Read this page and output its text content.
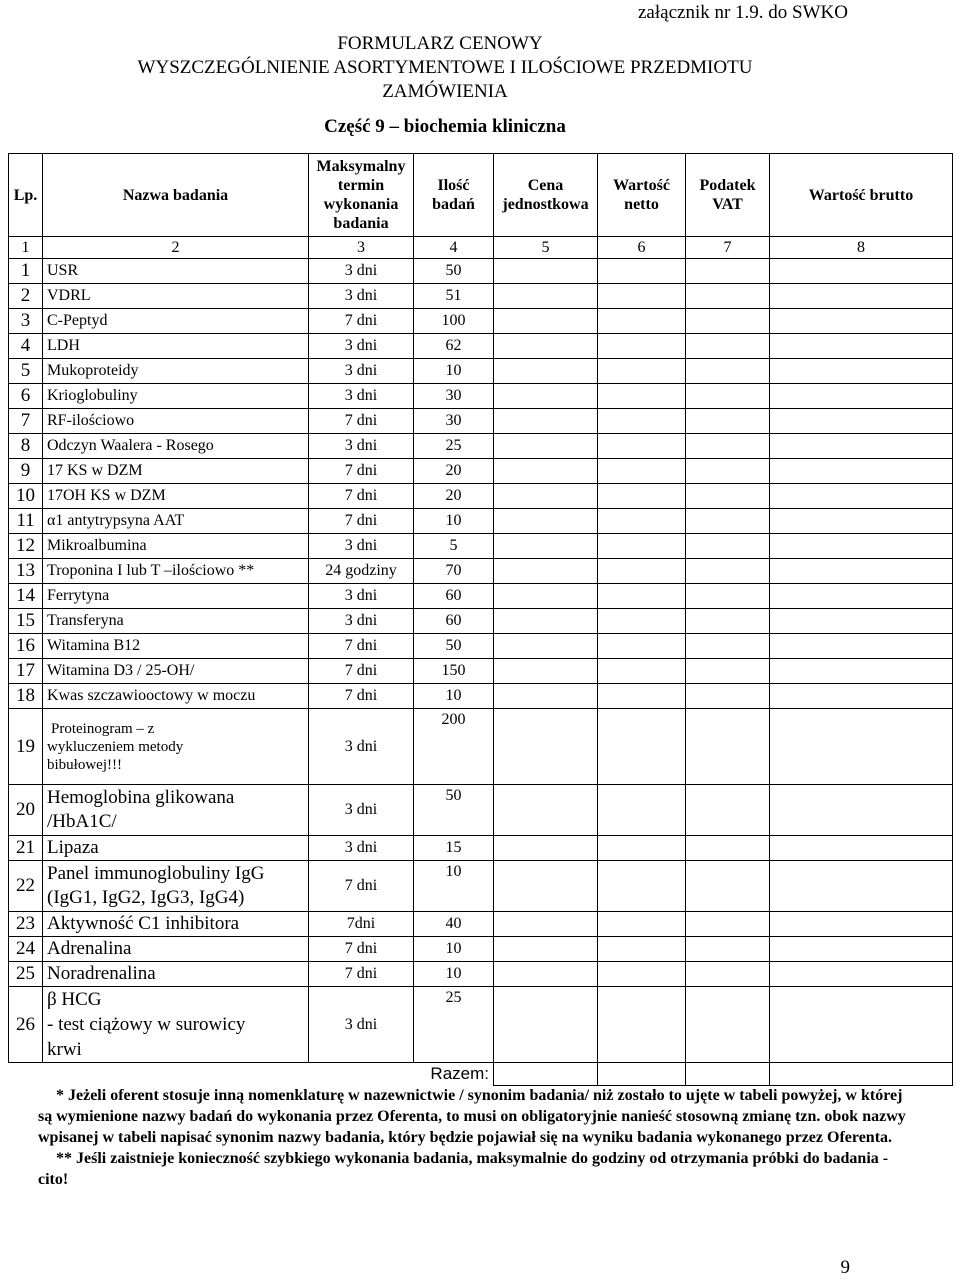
załącznik nr 1.9. do SWKO
FORMULARZ CENOWY
WYSZCZEGÓLNIENIE ASORTYMENTOWE I ILOŚCIOWE PRZEDMIOTU
ZAMÓWIENIA
Część 9 – biochemia kliniczna
Lp.	Nazwa badania	Maksymalny termin wykonania badania	Ilość badań	Cena jednostkowa	Wartość netto	Podatek VAT	Wartość brutto
1	2	3	4	5	6	7	8
1	USR	3 dni	50				
2	VDRL	3 dni	51				
3	C-Peptyd	7 dni	100				
4	LDH	3 dni	62				
5	Mukoproteidy	3 dni	10				
6	Krioglobuliny	3 dni	30				
7	RF-ilościowo	7 dni	30				
8	Odczyn Waalera - Rosego	3 dni	25				
9	17 KS w DZM	7 dni	20				
10	17OH KS w DZM	7 dni	20				
11	α1 antytrypsyna AAT	7 dni	10				
12	Mikroalbumina	3 dni	5				
13	Troponina I lub T –ilościowo **	24 godziny	70				
14	Ferrytyna	3 dni	60				
15	Transferyna	3 dni	60				
16	Witamina B12	7 dni	50				
17	Witamina D3 / 25-OH/	7 dni	150				
18	Kwas szczawiooctowy w moczu	7 dni	10				
19	Proteinogram – z
wykluczeniem metody
bibułowej!!!	3 dni	200				
20	Hemoglobina glikowana
/HbA1C/	3 dni	50				
21	Lipaza	3 dni	15				
22	Panel immunoglobuliny IgG
(IgG1, IgG2, IgG3, IgG4)	7 dni	10				
23	Aktywność C1 inhibitora	7dni	40				
24	Adrenalina	7 dni	10				
25	Noradrenalina	7 dni	10				
26	β HCG
- test ciążowy w surowicy
krwi	3 dni	25				
Razem:							

* Jeżeli oferent stosuje inną nomenklaturę w nazewnictwie / synonim badania/ niż zostało to ujęte w tabeli powyżej, w której są wymienione nazwy badań do wykonania przez Oferenta, to musi on obligatoryjnie nanieść stosowną zmianę tzn. obok nazwy wpisanej w tabeli napisać synonim nazwy badania, który będzie pojawiał się na wyniku badania wykonanego przez Oferenta.

** Jeśli zaistnieje konieczność szybkiego wykonania badania, maksymalnie do godziny od otrzymania próbki do badania - cito!

9
